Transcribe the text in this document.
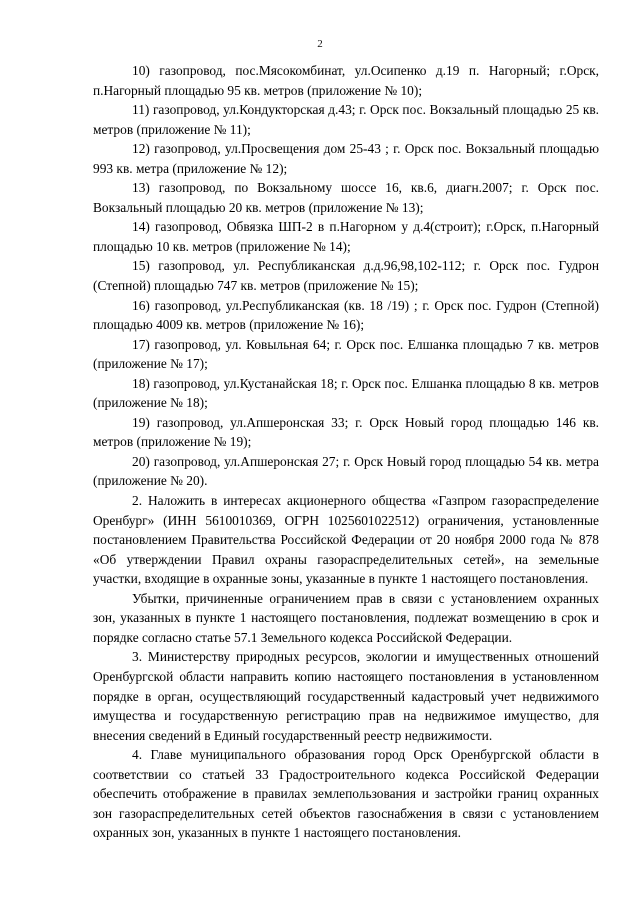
2

10) газопровод, пос.Мясокомбинат, ул.Осипенко д.19 п. Нагорный; г.Орск, п.Нагорный площадью 95 кв. метров (приложение № 10);

11) газопровод, ул.Кондукторская д.43; г. Орск пос. Вокзальный площадью 25 кв. метров (приложение № 11);

12) газопровод, ул.Просвещения дом 25-43 ; г. Орск пос. Вокзальный площадью 993 кв. метра (приложение № 12);

13) газопровод, по Вокзальному шоссе 16, кв.6, диагн.2007; г. Орск пос. Вокзальный площадью 20 кв. метров (приложение № 13);

14) газопровод, Обвязка ШП-2 в п.Нагорном у д.4(строит); г.Орск, п.Нагорный площадью 10 кв. метров (приложение № 14);

15) газопровод, ул. Республиканская д.д.96,98,102-112; г. Орск пос. Гудрон (Степной) площадью 747 кв. метров (приложение № 15);

16) газопровод, ул.Республиканская (кв. 18 /19) ; г. Орск пос. Гудрон (Степной) площадью 4009 кв. метров (приложение № 16);

17) газопровод, ул. Ковыльная 64; г. Орск пос. Елшанка площадью 7 кв. метров (приложение № 17);

18) газопровод, ул.Кустанайская 18; г. Орск пос. Елшанка площадью 8 кв. метров (приложение № 18);

19) газопровод, ул.Апшеронская 33; г. Орск Новый город площадью 146 кв. метров (приложение № 19);

20) газопровод, ул.Апшеронская 27; г. Орск Новый город площадью 54 кв. метра (приложение № 20).

2. Наложить в интересах акционерного общества «Газпром газораспределение Оренбург» (ИНН 5610010369, ОГРН 1025601022512) ограничения, установленные постановлением Правительства Российской Федерации от 20 ноября 2000 года № 878 «Об утверждении Правил охраны газораспределительных сетей», на земельные участки, входящие в охранные зоны, указанные в пункте 1 настоящего постановления.

Убытки, причиненные ограничением прав в связи с установлением охранных зон, указанных в пункте 1 настоящего постановления, подлежат возмещению в срок и порядке согласно статье 57.1 Земельного кодекса Российской Федерации.

3. Министерству природных ресурсов, экологии и имущественных отношений Оренбургской области направить копию настоящего постановления в установленном порядке в орган, осуществляющий государственный кадастровый учет недвижимого имущества и государственную регистрацию прав на недвижимое имущество, для внесения сведений в Единый государственный реестр недвижимости.

4. Главе муниципального образования город Орск Оренбургской области в соответствии со статьей 33 Градостроительного кодекса Российской Федерации обеспечить отображение в правилах землепользования и застройки границ охранных зон газораспределительных сетей объектов газоснабжения в связи с установлением охранных зон, указанных в пункте 1 настоящего постановления.
